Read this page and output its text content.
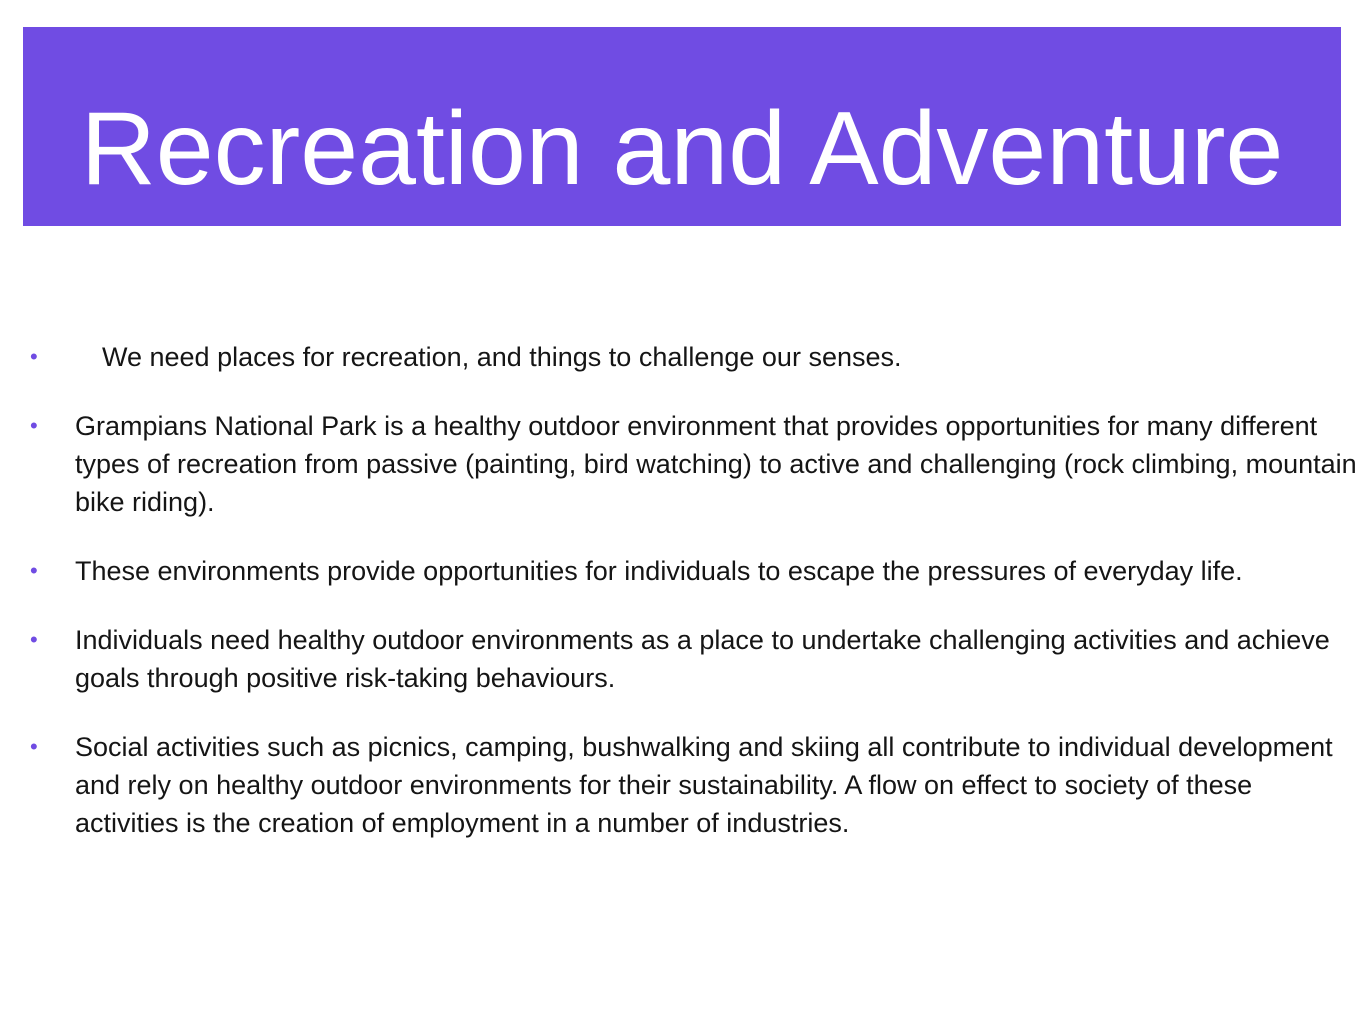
Recreation and Adventure
•	We need places for recreation, and things to challenge our senses.
•	Grampians National Park is a healthy outdoor environment that provides opportunities for many different types of recreation from passive (painting, bird watching) to active and challenging (rock climbing, mountain bike riding).
•	These environments provide opportunities for individuals to escape the pressures of everyday life.
•	Individuals need healthy outdoor environments as a place to undertake challenging activities and achieve goals through positive risk-taking behaviours.
•	Social activities such as picnics, camping, bushwalking and skiing all contribute to individual development and rely on healthy outdoor environments for their sustainability. A flow on effect to society of these activities is the creation of employment in a number of industries.
